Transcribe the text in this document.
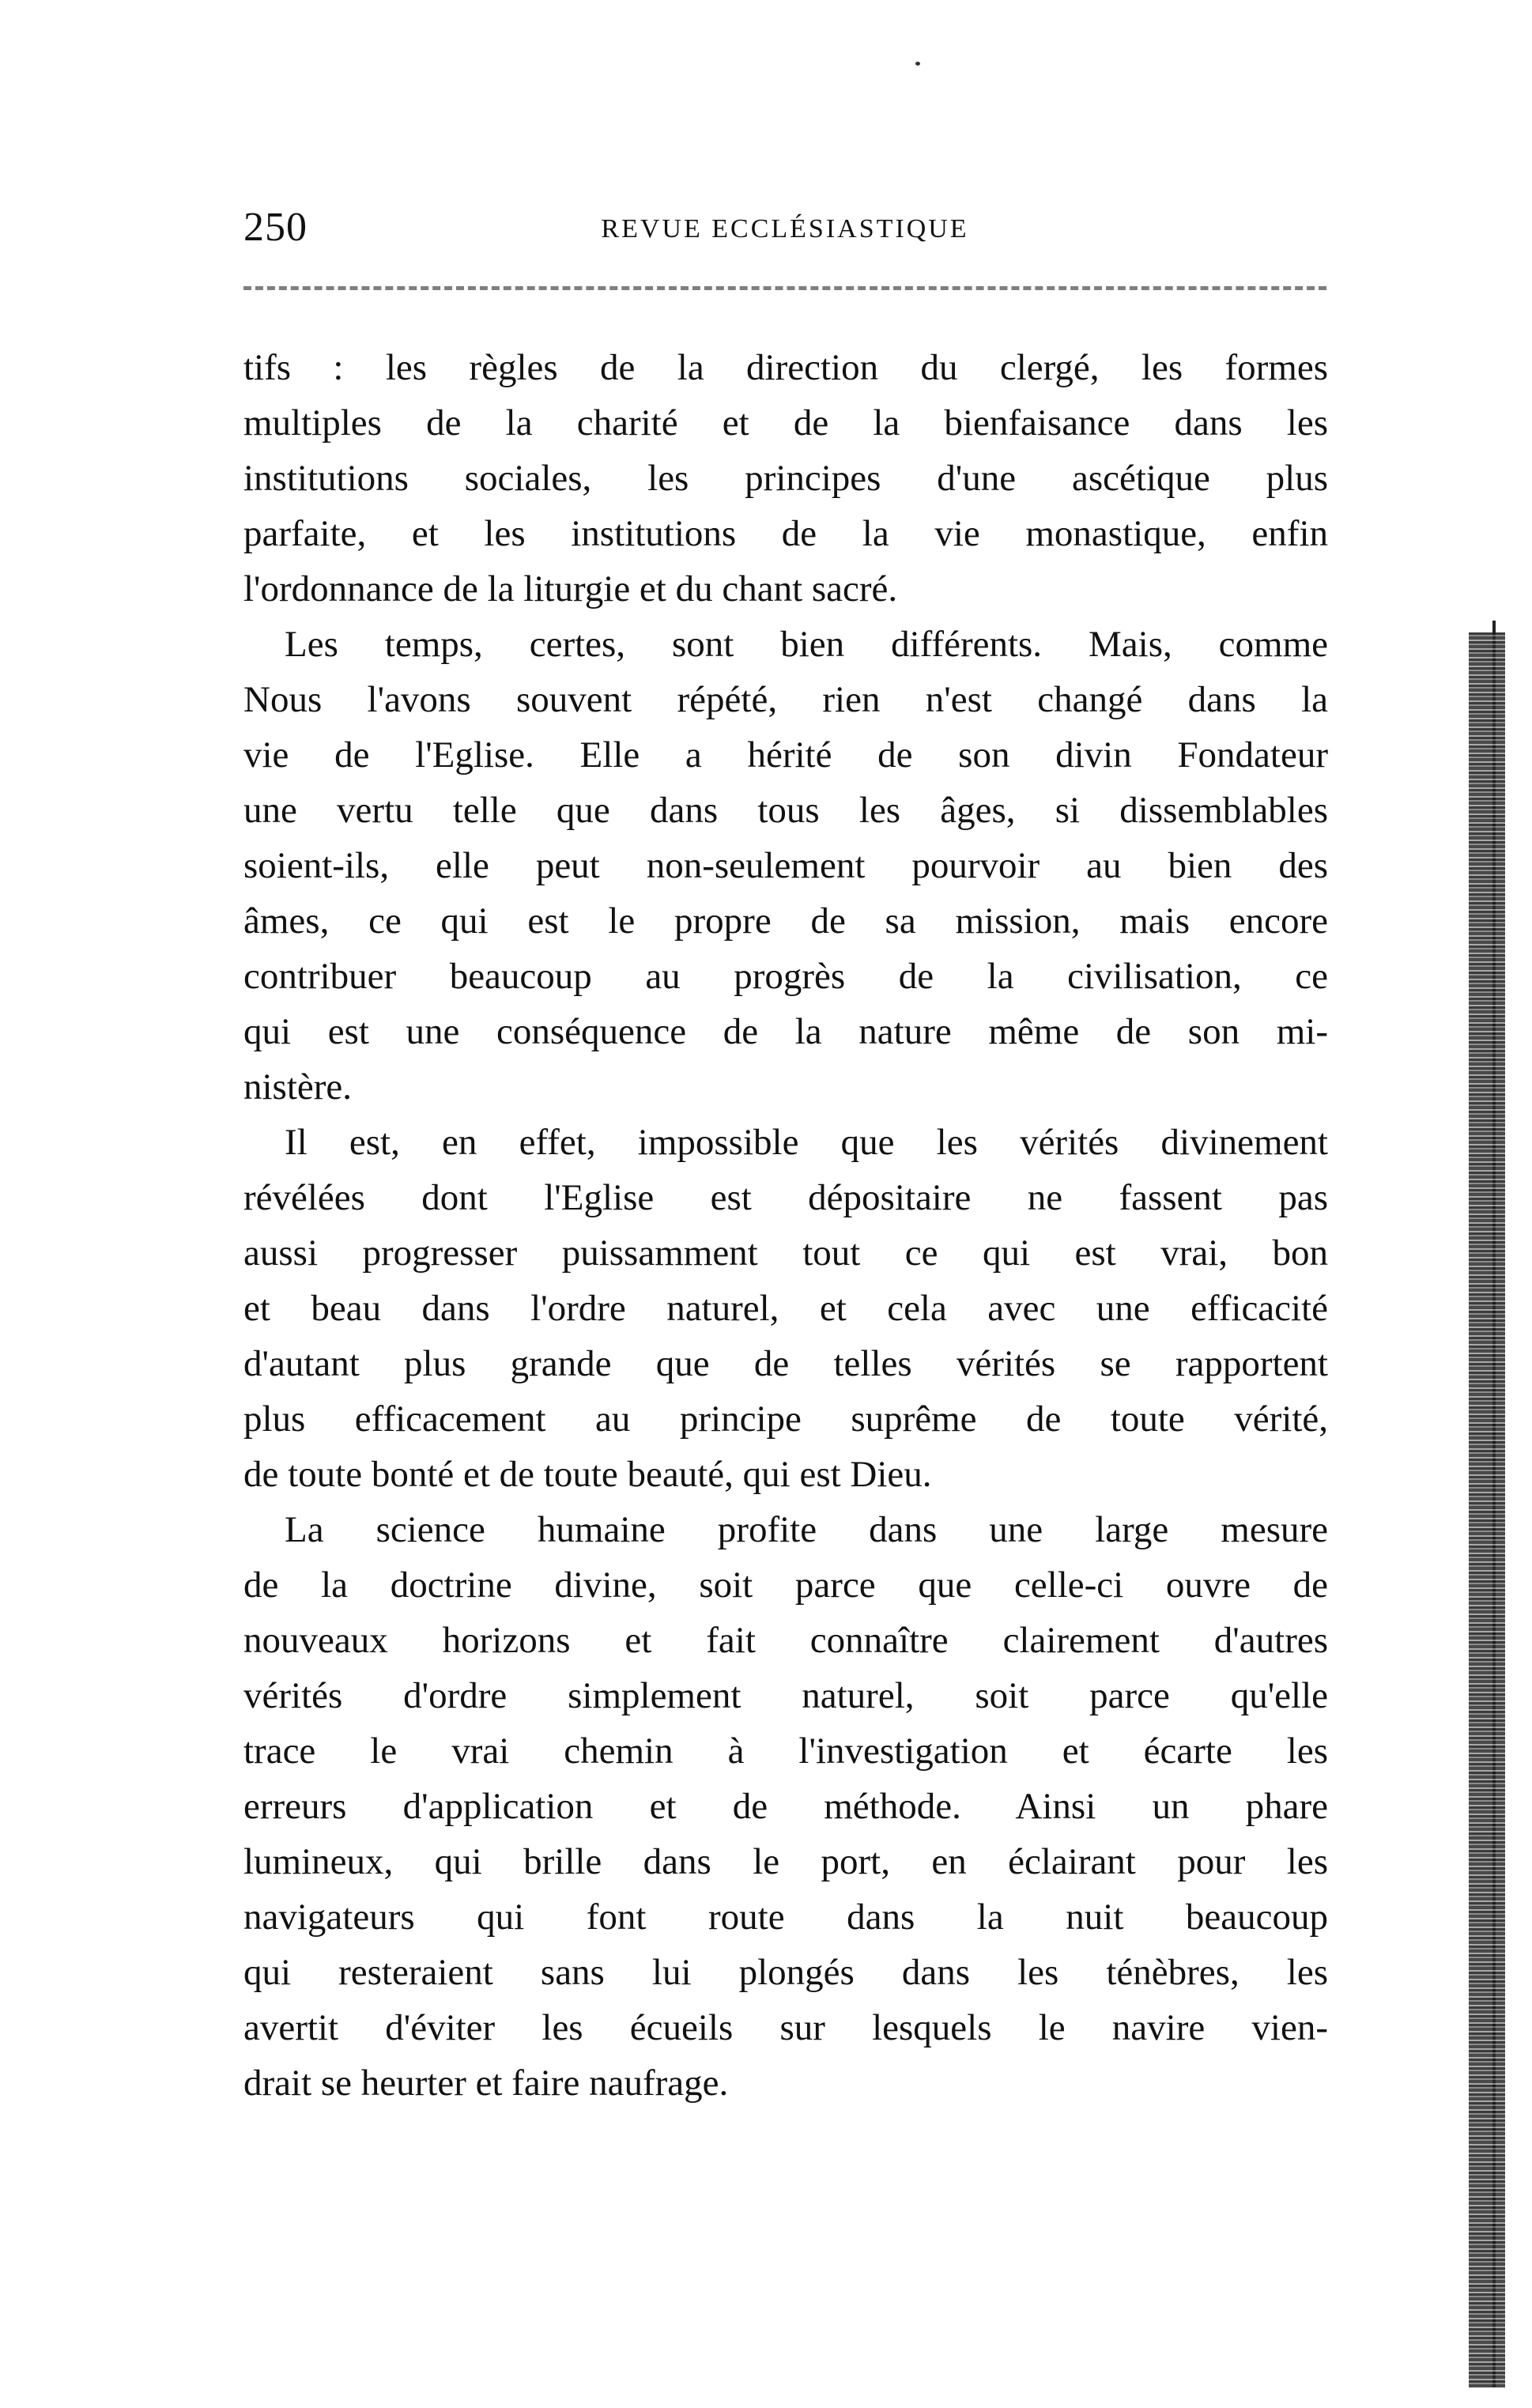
250	REVUE ECCLÉSIASTIQUE
tifs : les règles de la direction du clergé, les formes
multiples de la charité et de la bienfaisance dans les
institutions sociales, les principes d'une ascétique plus
parfaite, et les institutions de la vie monastique, enfin
l'ordonnance de la liturgie et du chant sacré.
Les temps, certes, sont bien différents. Mais, comme
Nous l'avons souvent répété, rien n'est changé dans la
vie de l'Eglise. Elle a hérité de son divin Fondateur
une vertu telle que dans tous les âges, si dissemblables
soient-ils, elle peut non-seulement pourvoir au bien des
âmes, ce qui est le propre de sa mission, mais encore
contribuer beaucoup au progrès de la civilisation, ce
qui est une conséquence de la nature même de son mi-
nistère.
Il est, en effet, impossible que les vérités divinement
révélées dont l'Eglise est dépositaire ne fassent pas
aussi progresser puissamment tout ce qui est vrai, bon
et beau dans l'ordre naturel, et cela avec une efficacité
d'autant plus grande que de telles vérités se rapportent
plus efficacement au principe suprême de toute vérité,
de toute bonté et de toute beauté, qui est Dieu.
La science humaine profite dans une large mesure
de la doctrine divine, soit parce que celle-ci ouvre de
nouveaux horizons et fait connaître clairement d'autres
vérités d'ordre simplement naturel, soit parce qu'elle
trace le vrai chemin à l'investigation et écarte les
erreurs d'application et de méthode. Ainsi un phare
lumineux, qui brille dans le port, en éclairant pour les
navigateurs qui font route dans la nuit beaucoup
qui resteraient sans lui plongés dans les ténèbres, les
avertit d'éviter les écueils sur lesquels le navire vien-
drait se heurter et faire naufrage.
